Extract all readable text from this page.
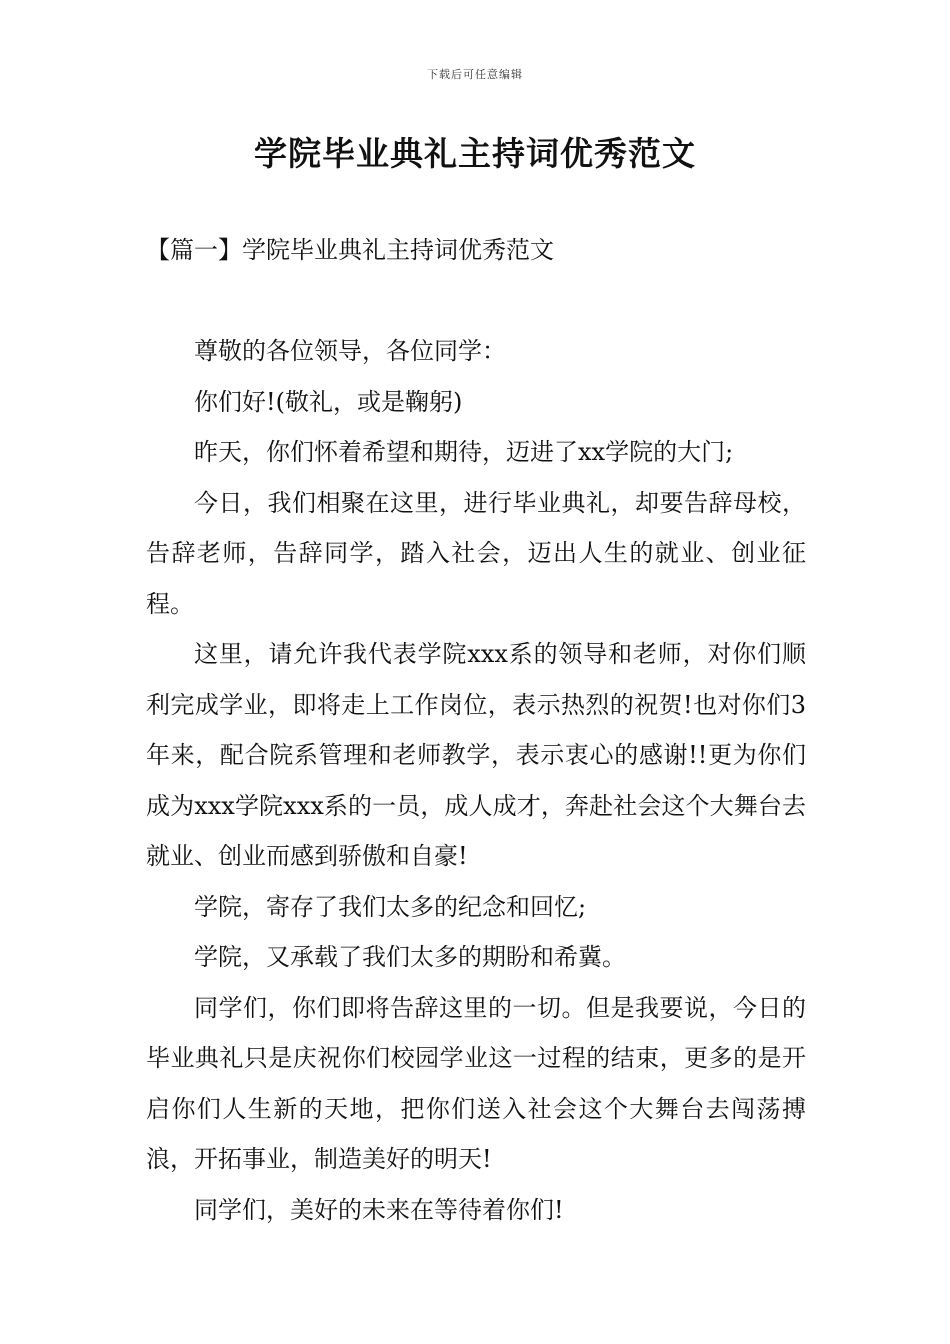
下载后可任意编辑
学院毕业典礼主持词优秀范文
【篇一】学院毕业典礼主持词优秀范文

尊敬的各位领导，各位同学：

你们好!(敬礼，或是鞠躬)

昨天，你们怀着希望和期待，迈进了xx学院的大门;

今日，我们相聚在这里，进行毕业典礼，却要告辞母校，告辞老师，告辞同学，踏入社会，迈出人生的就业、创业征程。

这里，请允许我代表学院xxx系的领导和老师，对你们顺利完成学业，即将走上工作岗位，表示热烈的祝贺!也对你们3年来，配合院系管理和老师教学，表示衷心的感谢!!更为你们成为xxx学院xxx系的一员，成人成才，奔赴社会这个大舞台去就业、创业而感到骄傲和自豪!

学院，寄存了我们太多的纪念和回忆;

学院，又承载了我们太多的期盼和希冀。

同学们，你们即将告辞这里的一切。但是我要说，今日的毕业典礼只是庆祝你们校园学业这一过程的结束，更多的是开启你们人生新的天地，把你们送入社会这个大舞台去闯荡搏浪，开拓事业，制造美好的明天!

同学们，美好的未来在等待着你们!
